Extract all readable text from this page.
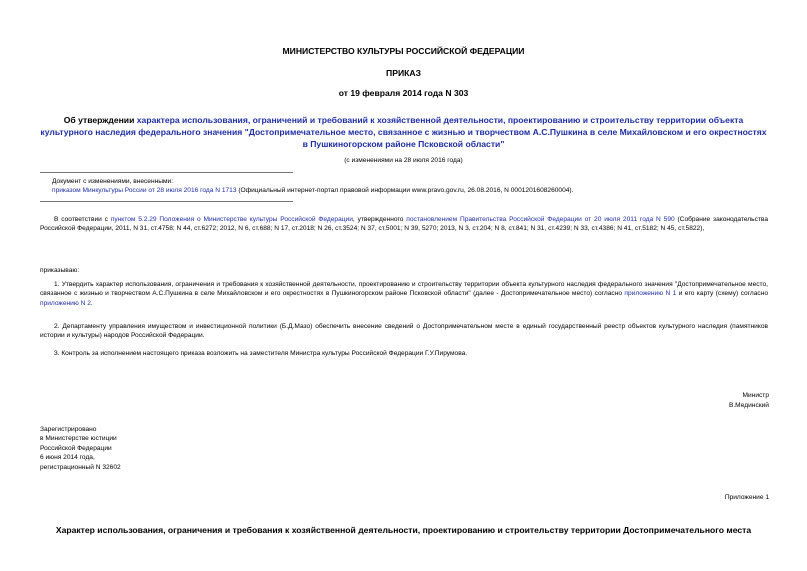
МИНИСТЕРСТВО КУЛЬТУРЫ РОССИЙСКОЙ ФЕДЕРАЦИИ
ПРИКАЗ
от 19 февраля 2014 года N 303
Об утверждении характера использования, ограничений и требований к хозяйственной деятельности, проектированию и строительству территории объекта культурного наследия федерального значения "Достопримечательное место, связанное с жизнью и творчеством А.С.Пушкина в селе Михайловском и его окрестностях в Пушкиногорском районе Псковской области"
(с изменениями на 28 июля 2016 года)
Документ с изменениями, внесенными:
приказом Минкультуры России от 28 июля 2016 года N 1713 (Официальный интернет-портал правовой информации www.pravo.gov.ru, 26.08.2016, N 0001201608260004).
В соответствии с пунктом 5.2.29 Положения о Министерстве культуры Российской Федерации, утвержденного постановлением Правительства Российской Федерации от 20 июля 2011 года N 590 (Собрание законодательства Российской Федерации, 2011, N 31, ст.4758; N 44, ст.6272; 2012, N 6, ст.688; N 17, ст.2018; N 26, ст.3524; N 37, ст.5001; N 39, 5270; 2013, N 3, ст.204; N 8, ст.841; N 31, ст.4239; N 33, ст.4386; N 41, ст.5182; N 45, ст.5822),
приказываю:
1. Утвердить характер использования, ограничения и требования к хозяйственной деятельности, проектированию и строительству территории объекта культурного наследия федерального значения "Достопримечательное место, связанное с жизнью и творчеством А.С.Пушкина в селе Михайловском и его окрестностях в Пушкиногорском районе Псковской области" (далее - Достопримечательное место) согласно приложению N 1 и его карту (схему) согласно приложению N 2.
2. Департаменту управления имуществом и инвестиционной политики (Б.Д.Мазо) обеспечить внесение сведений о Достопримечательном месте в единый государственный реестр объектов культурного наследия (памятников истории и культуры) народов Российской Федерации.
3. Контроль за исполнением настоящего приказа возложить на заместителя Министра культуры Российской Федерации Г.У.Пирумова.
Министр
В.Мединский
Зарегистрировано
в Министерстве юстиции
Российской Федерации
6 июня 2014 года,
регистрационный N 32602
Приложение 1
Характер использования, ограничения и требования к хозяйственной деятельности, проектированию и строительству территории Достопримечательного места
